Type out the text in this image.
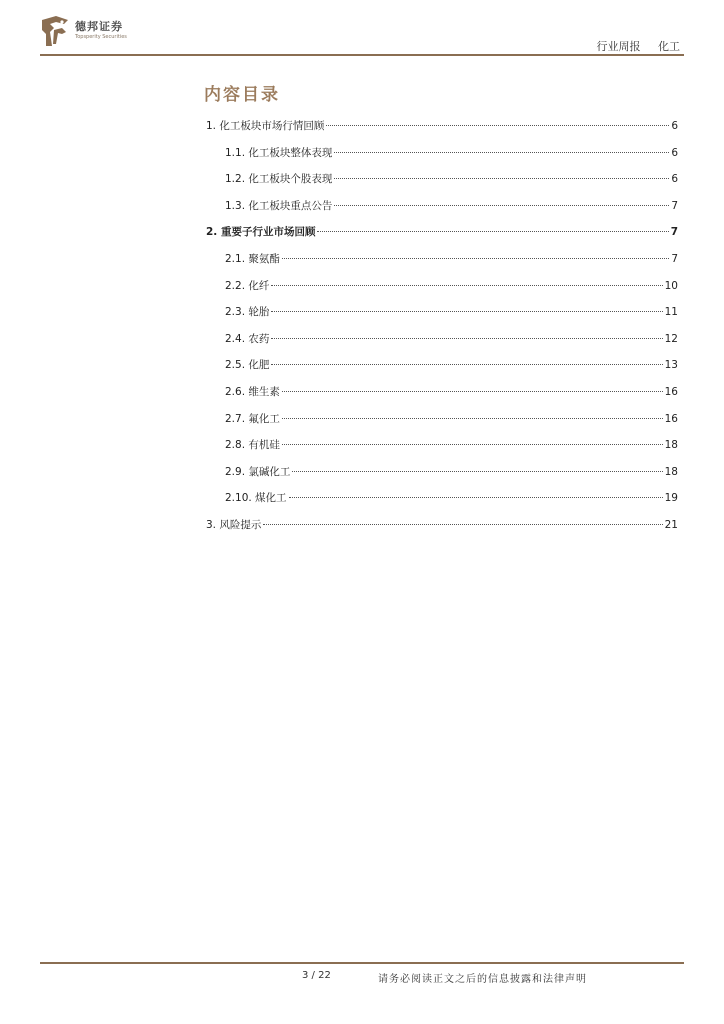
德邦证券
Topsperity Securities
行业周报 化工
内容目录
1. 化工板块市场行情回顾	6
1.1. 化工板块整体表现	6
1.2. 化工板块个股表现	6
1.3. 化工板块重点公告	7
2. 重要子行业市场回顾	7
2.1. 聚氨酯	7
2.2. 化纤	10
2.3. 轮胎	11
2.4. 农药	12
2.5. 化肥	13
2.6. 维生素	16
2.7. 氟化工	16
2.8. 有机硅	18
2.9. 氯碱化工	18
2.10. 煤化工	19
3. 风险提示	21
3 / 22	请务必阅读正文之后的信息披露和法律声明
